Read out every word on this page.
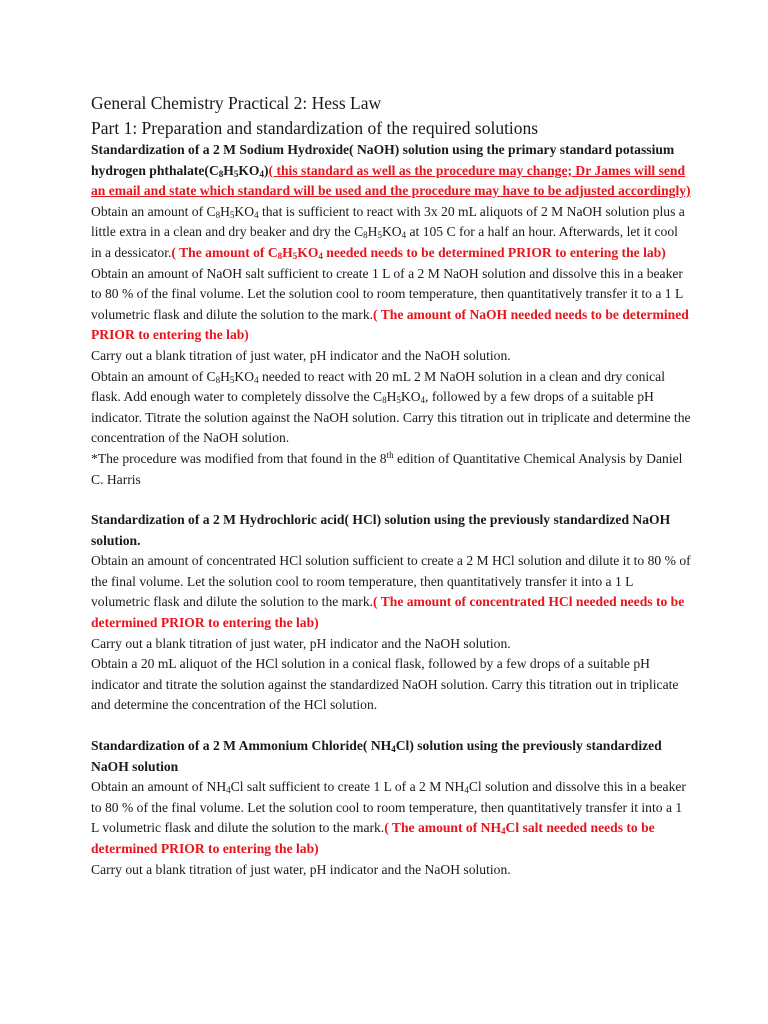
General Chemistry Practical 2: Hess Law
Part 1: Preparation and standardization of the required solutions

Standardization of a 2 M Sodium Hydroxide( NaOH) solution using the primary standard potassium hydrogen $phthalate(C_8H_5KO_4)$( this standard as well as the procedure may change; Dr James will send an email and state which standard will be used and the procedure may have to be adjusted accordingly)

Obtain an amount of $C_8H_5KO_4$ that is sufficient to react with 3x 20 mL aliquots of 2 M NaOH solution plus a little extra in a clean and dry beaker and dry the $C_8H_5KO_4$ at 105 C for a half an hour. Afterwards, let it cool in a dessicator.( The amount of $C_8H_5KO_4$ needed needs to be determined PRIOR to entering the lab)

Obtain an amount of NaOH salt sufficient to create 1 L of a 2 M NaOH solution and dissolve this in a beaker to 80 % of the final volume. Let the solution cool to room temperature, then quantitatively transfer it to a 1 L volumetric flask and dilute the solution to the mark.( The amount of NaOH needed needs to be determined PRIOR to entering the lab)

Carry out a blank titration of just water, pH indicator and the NaOH solution.

Obtain an amount of $C_8H_5KO_4$ needed to react with 20 mL 2 M NaOH solution in a clean and dry conical flask. Add enough water to completely dissolve the $C_8H_5KO_4$, followed by a few drops of a suitable pH indicator. Titrate the solution against the NaOH solution. Carry this titration out in triplicate and determine the concentration of the NaOH solution.

*The procedure was modified from that found in the 8th edition of Quantitative Chemical Analysis by Daniel C. Harris

Standardization of a 2 M Hydrochloric acid( HCl) solution using the previously standardized NaOH solution.

Obtain an amount of concentrated HCl solution sufficient to create a 2 M HCl solution and dilute it to 80 % of the final volume. Let the solution cool to room temperature, then quantitatively transfer it into a 1 L volumetric flask and dilute the solution to the mark.( The amount of concentrated HCl needed needs to be determined PRIOR to entering the lab)

Carry out a blank titration of just water, pH indicator and the NaOH solution.

Obtain a 20 mL aliquot of the HCl solution in a conical flask, followed by a few drops of a suitable pH indicator and titrate the solution against the standardized NaOH solution. Carry this titration out in triplicate and determine the concentration of the HCl solution.

Standardization of a 2 M Ammonium Chloride( $NH_4Cl$) solution using the previously standardized NaOH solution

Obtain an amount of $NH_4Cl$ salt sufficient to create 1 L of a 2 M $NH_4Cl$ solution and dissolve this in a beaker to 80 % of the final volume. Let the solution cool to room temperature, then quantitatively transfer it into a 1 L volumetric flask and dilute the solution to the mark.( The amount of $NH_4Cl$ salt needed needs to be determined PRIOR to entering the lab)

Carry out a blank titration of just water, pH indicator and the NaOH solution.
